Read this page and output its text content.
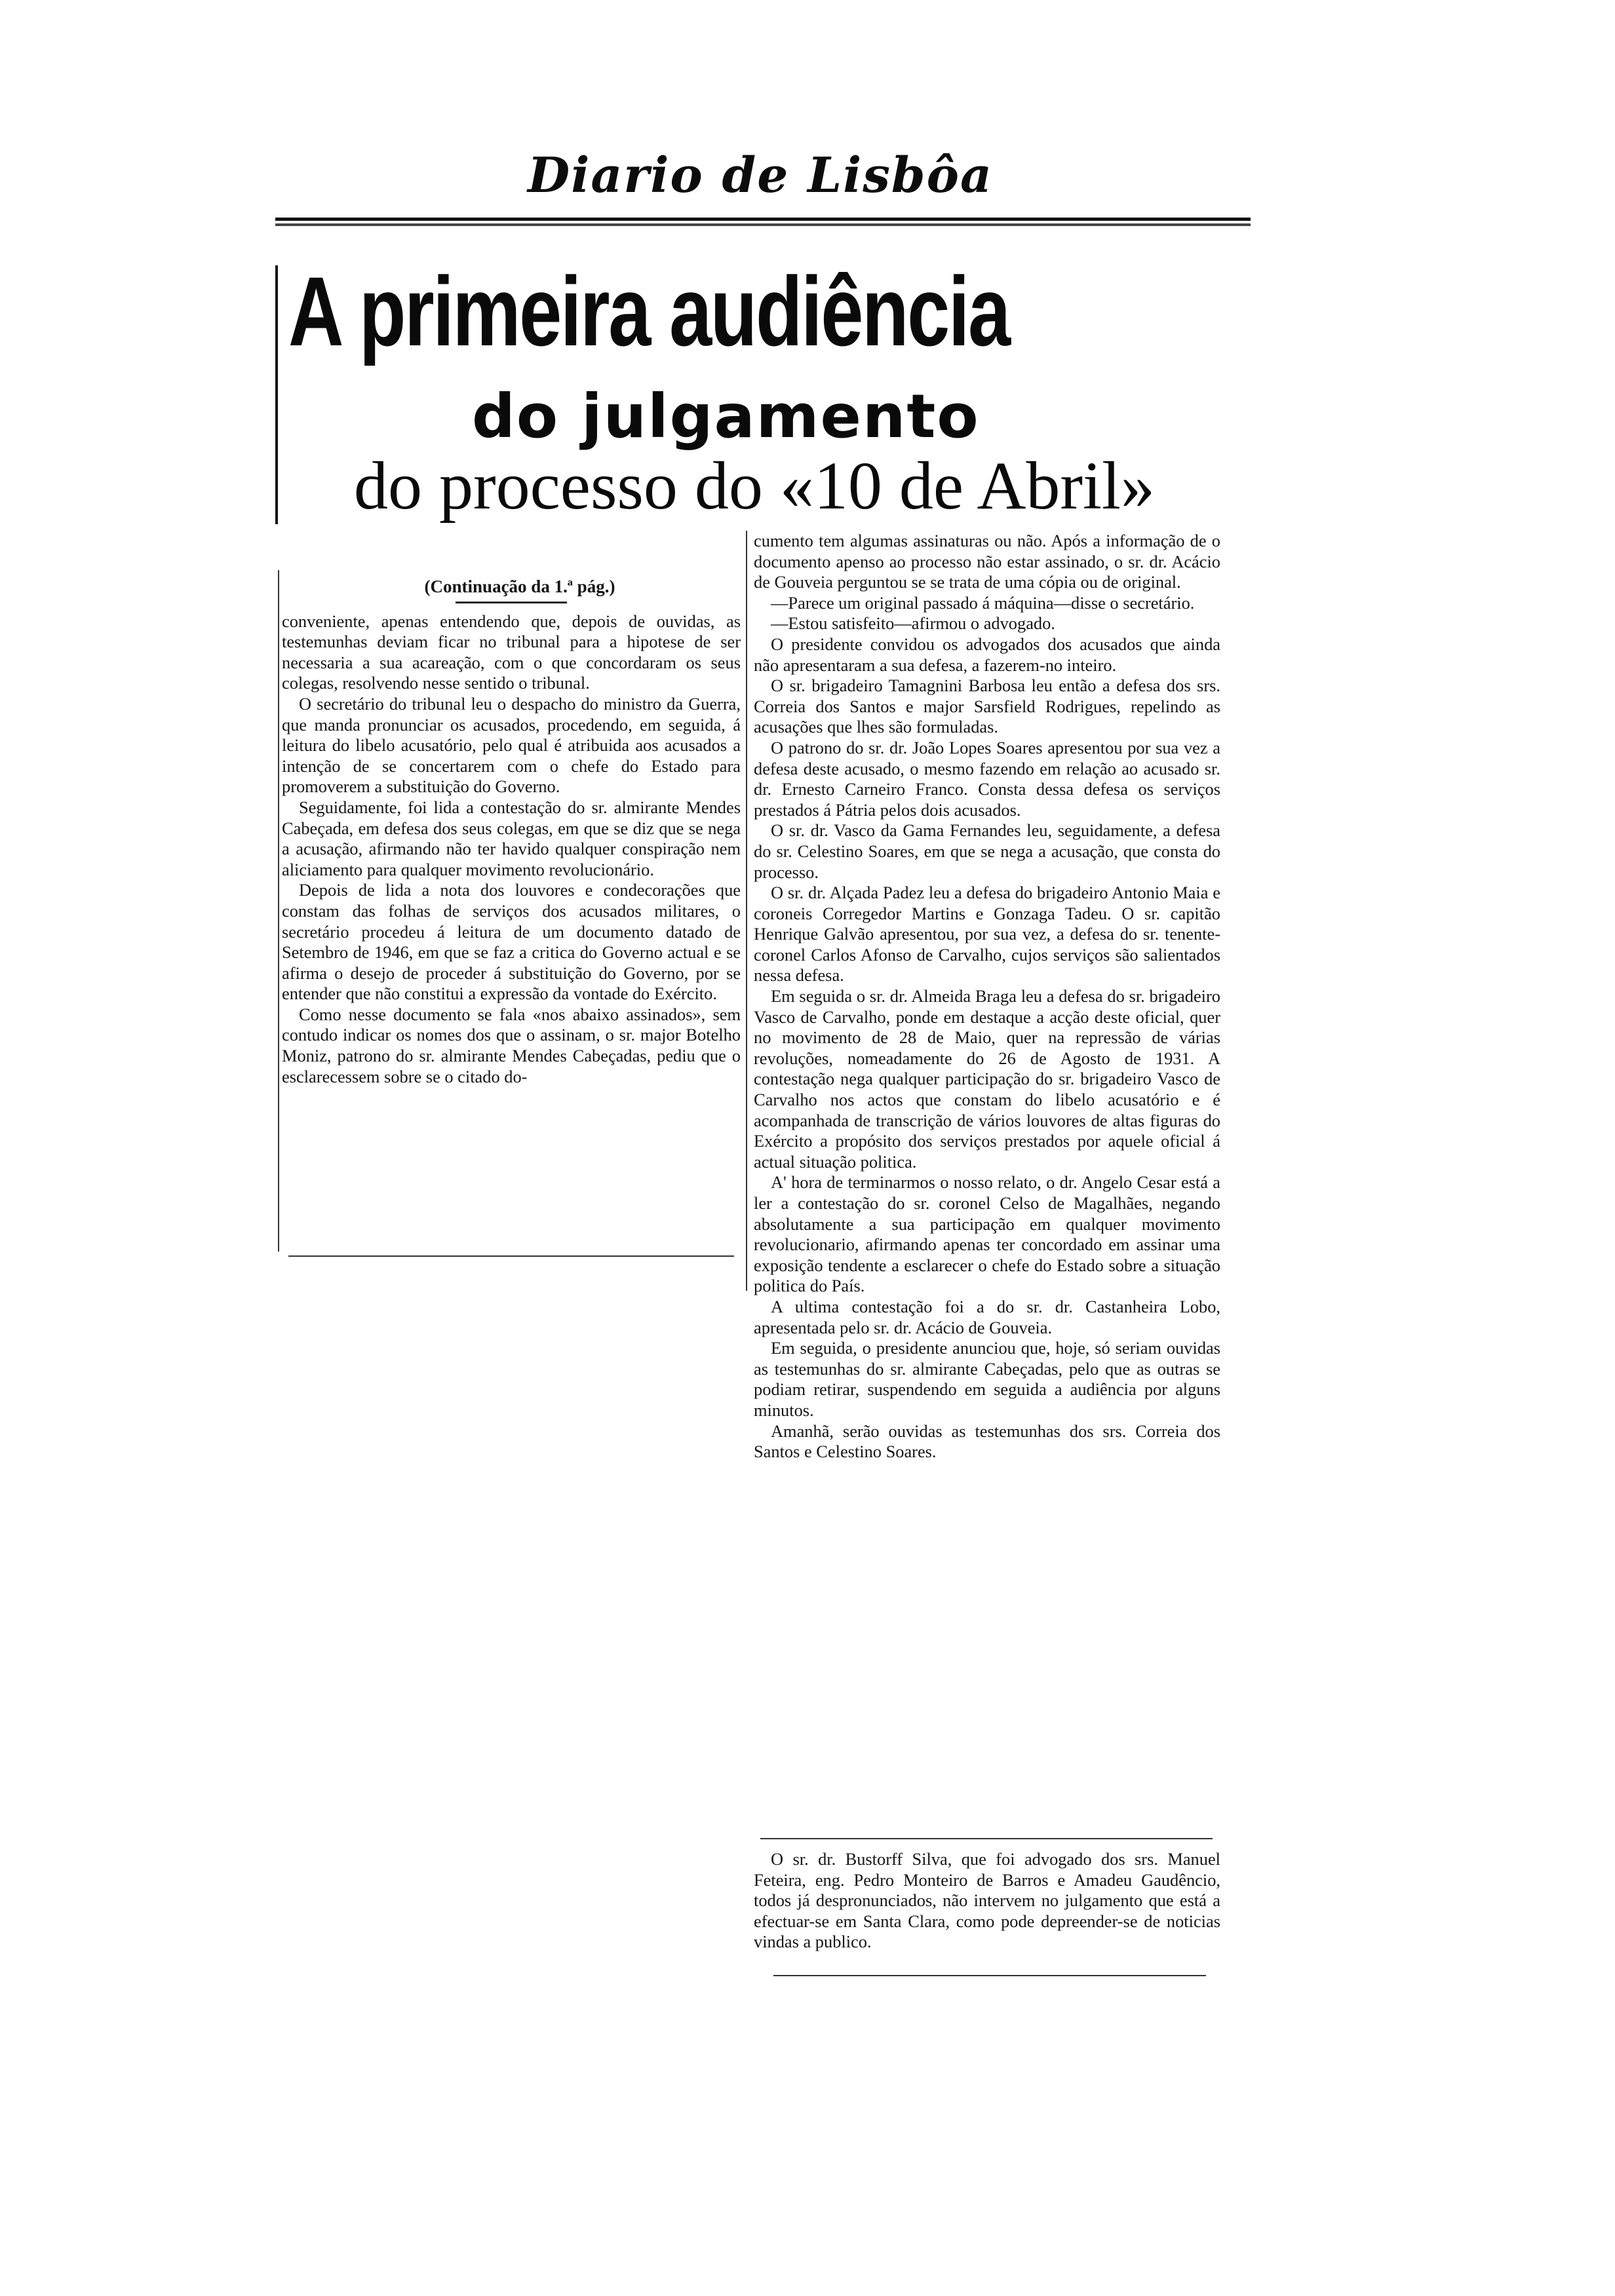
Diario de Lisbôa
A primeira audiência
do julgamento
do processo do «10 de Abril»

(Continuação da 1.ª pág.)

conveniente, apenas entendendo que, depois de ouvidas, as testemunhas deviam ficar no tribunal para a hipotese de ser necessaria a sua acareação, com o que concordaram os seus colegas, resolvendo nesse sentido o tribunal.

O secretário do tribunal leu o despacho do ministro da Guerra, que manda pronunciar os acusados, procedendo, em seguida, á leitura do libelo acusatório, pelo qual é atribuida aos acusados a intenção de se concertarem com o chefe do Estado para promoverem a substituição do Governo.

Seguidamente, foi lida a contestação do sr. almirante Mendes Cabeçada, em defesa dos seus colegas, em que se diz que se nega a acusação, afirmando não ter havido qualquer conspiração nem aliciamento para qualquer movimento revolucionário.

Depois de lida a nota dos louvores e condecorações que constam das folhas de serviços dos acusados militares, o secretário procedeu á leitura de um documento datado de Setembro de 1946, em que se faz a critica do Governo actual e se afirma o desejo de proceder á substituição do Governo, por se entender que não constitui a expressão da vontade do Exército.

Como nesse documento se fala «nos abaixo assinados», sem contudo indicar os nomes dos que o assinam, o sr. major Botelho Moniz, patrono do sr. almirante Mendes Cabeçadas, pediu que o esclarecessem sobre se o citado do-

cumento tem algumas assinaturas ou não. Após a informação de o documento apenso ao processo não estar assinado, o sr. dr. Acácio de Gouveia perguntou se se trata de uma cópia ou de original.

—Parece um original passado á máquina—disse o secretário.

—Estou satisfeito—afirmou o advogado.

O presidente convidou os advogados dos acusados que ainda não apresentaram a sua defesa, a fazerem-no inteiro.

O sr. brigadeiro Tamagnini Barbosa leu então a defesa dos srs. Correia dos Santos e major Sarsfield Rodrigues, repelindo as acusações que lhes são formuladas.

O patrono do sr. dr. João Lopes Soares apresentou por sua vez a defesa deste acusado, o mesmo fazendo em relação ao acusado sr. dr. Ernesto Carneiro Franco. Consta dessa defesa os serviços prestados á Pátria pelos dois acusados.

O sr. dr. Vasco da Gama Fernandes leu, seguidamente, a defesa do sr. Celestino Soares, em que se nega a acusação, que consta do processo.

O sr. dr. Alçada Padez leu a defesa do brigadeiro Antonio Maia e coroneis Corregedor Martins e Gonzaga Tadeu. O sr. capitão Henrique Galvão apresentou, por sua vez, a defesa do sr. tenente-coronel Carlos Afonso de Carvalho, cujos serviços são salientados nessa defesa.

Em seguida o sr. dr. Almeida Braga leu a defesa do sr. brigadeiro Vasco de Carvalho, ponde em destaque a acção deste oficial, quer no movimento de 28 de Maio, quer na repressão de várias revoluções, nomeadamente do 26 de Agosto de 1931. A contestação nega qualquer participação do sr. brigadeiro Vasco de Carvalho nos actos que constam do libelo acusatório e é acompanhada de transcrição de vários louvores de altas figuras do Exército a propósito dos serviços prestados por aquele oficial á actual situação politica.

A' hora de terminarmos o nosso relato, o dr. Angelo Cesar está a ler a contestação do sr. coronel Celso de Magalhães, negando absolutamente a sua participação em qualquer movimento revolucionario, afirmando apenas ter concordado em assinar uma exposição tendente a esclarecer o chefe do Estado sobre a situação politica do País.

A ultima contestação foi a do sr. dr. Castanheira Lobo, apresentada pelo sr. dr. Acácio de Gouveia.

Em seguida, o presidente anunciou que, hoje, só seriam ouvidas as testemunhas do sr. almirante Cabeçadas, pelo que as outras se podiam retirar, suspendendo em seguida a audiência por alguns minutos.

Amanhã, serão ouvidas as testemunhas dos srs. Correia dos Santos e Celestino Soares.

O sr. dr. Bustorff Silva, que foi advogado dos srs. Manuel Feteira, eng. Pedro Monteiro de Barros e Amadeu Gaudêncio, todos já despronunciados, não intervem no julgamento que está a efectuar-se em Santa Clara, como pode depreender-se de noticias vindas a publico.
